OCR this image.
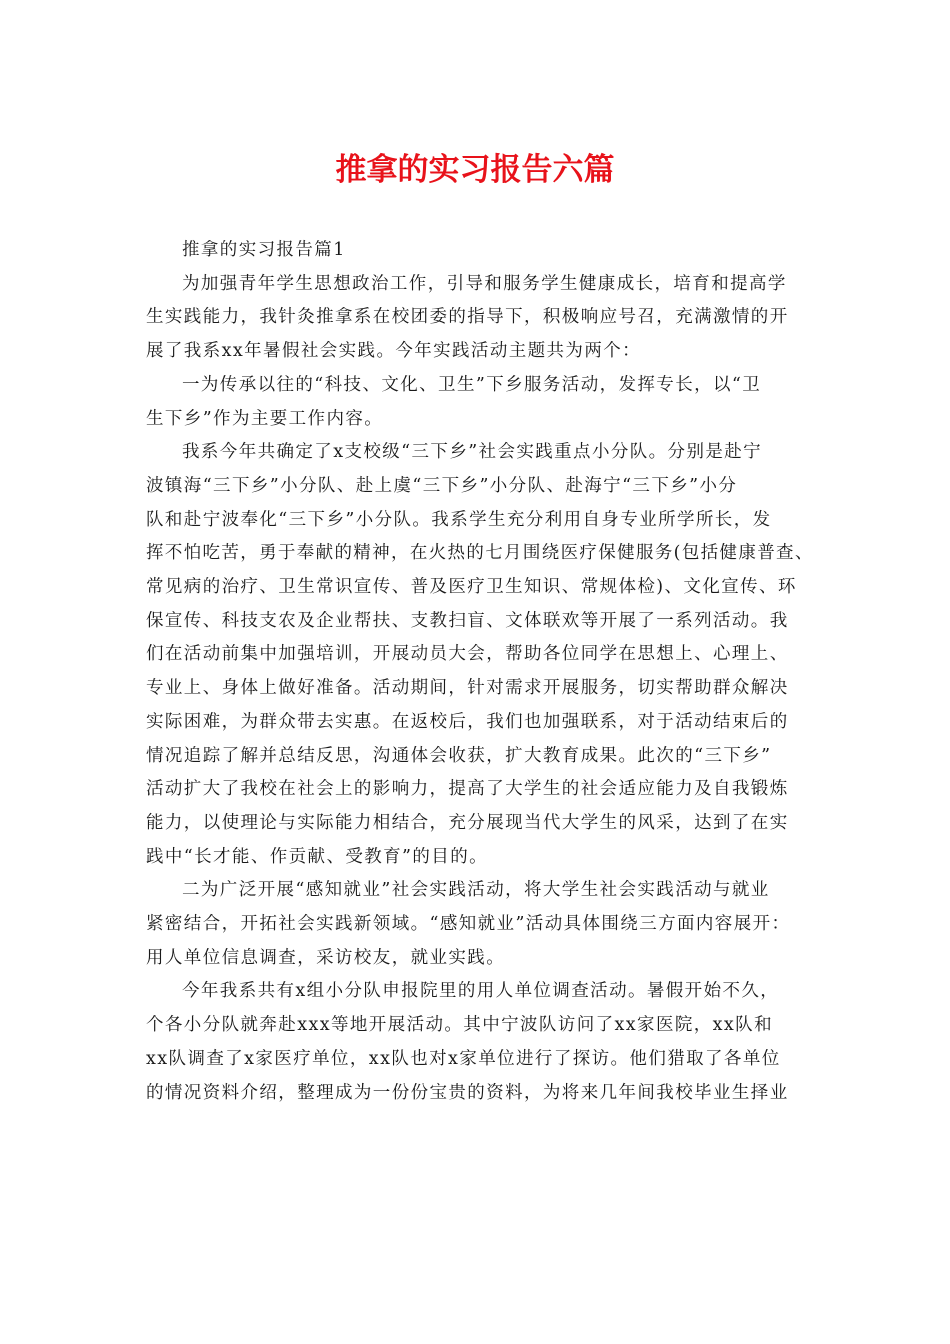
推拿的实习报告六篇

推拿的实习报告篇1

为加强青年学生思想政治工作，引导和服务学生健康成长，培育和提高学
生实践能力，我针灸推拿系在校团委的指导下，积极响应号召，充满激情的开
展了我系xx年暑假社会实践。今年实践活动主题共为两个：

一为传承以往的“科技、文化、卫生”下乡服务活动，发挥专长，以“卫
生下乡”作为主要工作内容。

我系今年共确定了x支校级“三下乡”社会实践重点小分队。分别是赴宁
波镇海“三下乡”小分队、赴上虞“三下乡”小分队、赴海宁“三下乡”小分
队和赴宁波奉化“三下乡”小分队。我系学生充分利用自身专业所学所长，发
挥不怕吃苦，勇于奉献的精神，在火热的七月围绕医疗保健服务(包括健康普查、
常见病的治疗、卫生常识宣传、普及医疗卫生知识、常规体检)、文化宣传、环
保宣传、科技支农及企业帮扶、支教扫盲、文体联欢等开展了一系列活动。我
们在活动前集中加强培训，开展动员大会，帮助各位同学在思想上、心理上、
专业上、身体上做好准备。活动期间，针对需求开展服务，切实帮助群众解决
实际困难，为群众带去实惠。在返校后，我们也加强联系，对于活动结束后的
情况追踪了解并总结反思，沟通体会收获，扩大教育成果。此次的“三下乡”
活动扩大了我校在社会上的影响力，提高了大学生的社会适应能力及自我锻炼
能力，以使理论与实际能力相结合，充分展现当代大学生的风采，达到了在实
践中“长才能、作贡献、受教育”的目的。

二为广泛开展“感知就业”社会实践活动，将大学生社会实践活动与就业
紧密结合，开拓社会实践新领域。“感知就业”活动具体围绕三方面内容展开：
用人单位信息调查，采访校友，就业实践。

今年我系共有x组小分队申报院里的用人单位调查活动。暑假开始不久，
个各小分队就奔赴xxx等地开展活动。其中宁波队访问了xx家医院，xx队和
xx队调查了x家医疗单位，xx队也对x家单位进行了探访。他们猎取了各单位
的情况资料介绍，整理成为一份份宝贵的资料，为将来几年间我校毕业生择业
